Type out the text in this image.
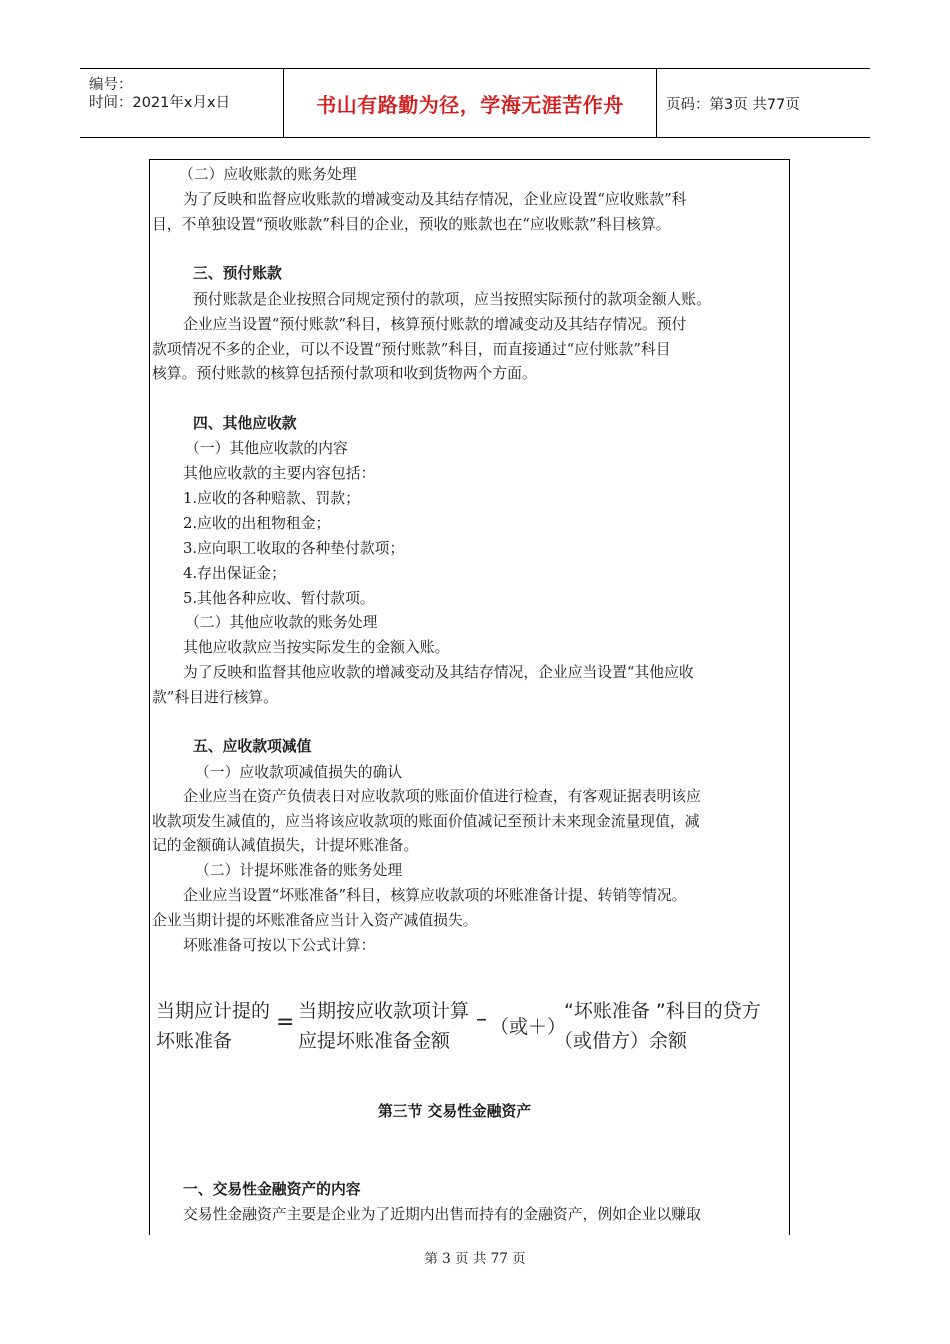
编号：
时间：2021年x月x日	书山有路勤为径，学海无涯苦作舟	页码：第3页 共77页
（二）应收账款的账务处理
为了反映和监督应收账款的增减变动及其结存情况，企业应设置“应收账款”科
目，不单独设置“预收账款”科目的企业，预收的账款也在“应收账款”科目核算。
三、预付账款
预付账款是企业按照合同规定预付的款项，应当按照实际预付的款项金额人账。
企业应当设置“预付账款”科目，核算预付账款的增减变动及其结存情况。预付
款项情况不多的企业，可以不设置“预付账款”科目，而直接通过“应付账款”科目
核算。预付账款的核算包括预付款项和收到货物两个方面。
四、其他应收款
（一）其他应收款的内容
其他应收款的主要内容包括：
1.应收的各种赔款、罚款；
2.应收的出租物租金；
3.应向职工收取的各种垫付款项；
4.存出保证金；
5.其他各种应收、暂付款项。
（二）其他应收款的账务处理
其他应收款应当按实际发生的金额入账。
为了反映和监督其他应收款的增减变动及其结存情况，企业应当设置“其他应收
款”科目进行核算。
五、应收款项减值
（一）应收款项减值损失的确认
企业应当在资产负债表日对应收款项的账面价值进行检查，有客观证据表明该应
收款项发生减值的，应当将该应收款项的账面价值减记至预计未来现金流量现值，减
记的金额确认减值损失，计提坏账准备。
（二）计提坏账准备的账务处理
企业应当设置“坏账准备”科目，核算应收款项的坏账准备计提、转销等情况。
企业当期计提的坏账准备应当计入资产减值损失。
坏账准备可按以下公式计算：
当期应计提的
坏账准备
= 当期按应收款项计算
应提坏账准备金额
– （或＋）
“坏账准备 ”科目的贷方
（或借方）余额
第三节 交易性金融资产
一、交易性金融资产的内容
交易性金融资产主要是企业为了近期内出售而持有的金融资产，例如企业以赚取
第 3 页 共 77 页
